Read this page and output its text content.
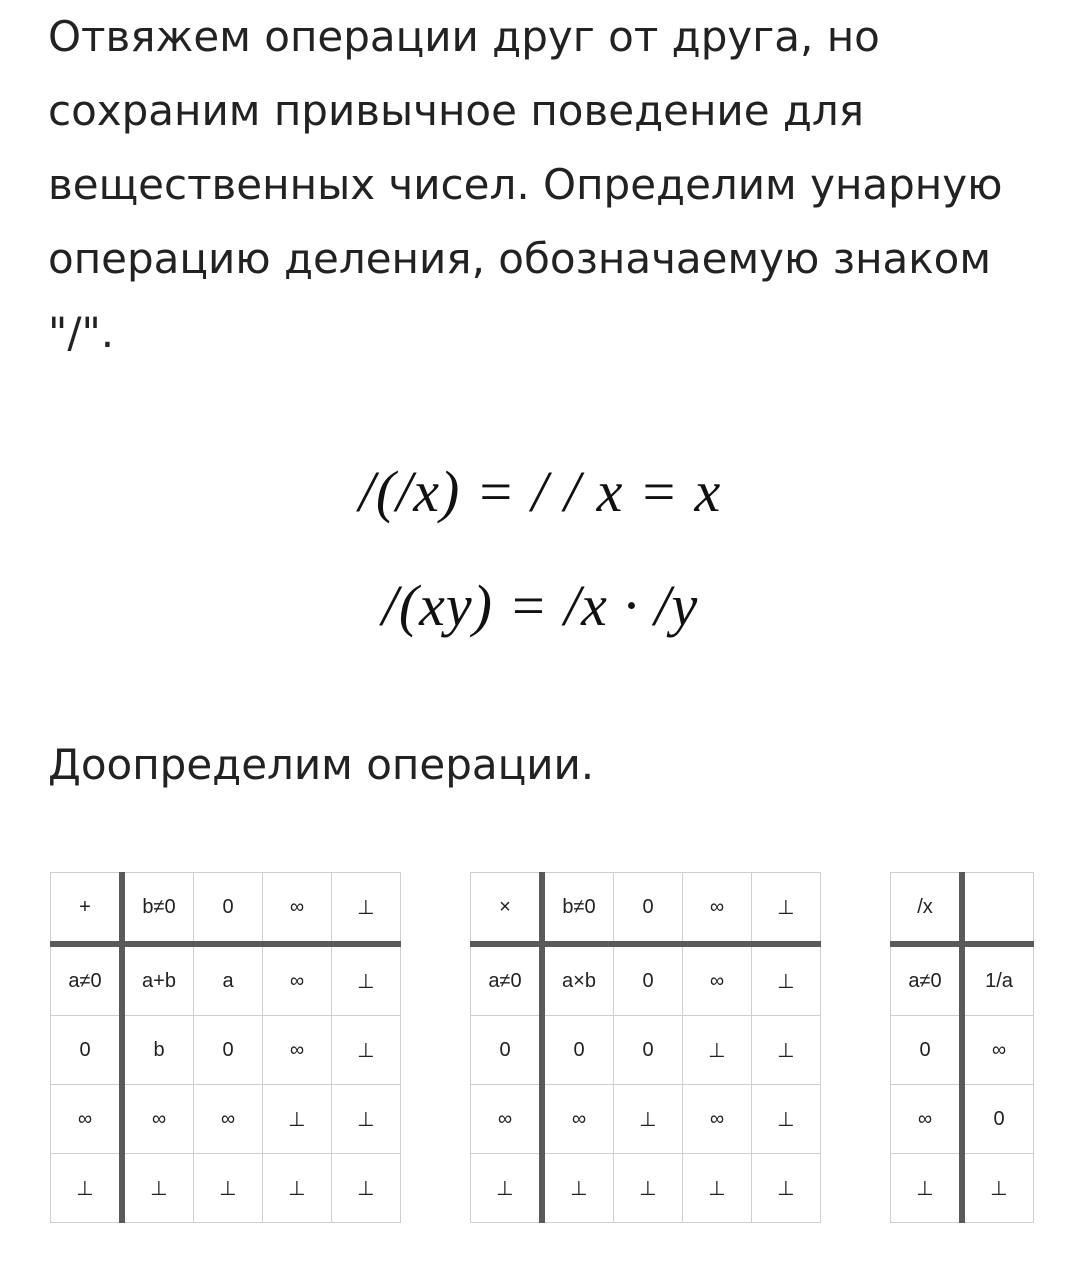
Отвяжем операции друг от друга, но сохраним привычное поведение для вещественных чисел. Определим унарную операцию деления, обозначаемую знаком "/".

/(/x) = / / x = x
/(xy) = /x · /y

Доопределим операции.

+	b≠0	0	∞	⊥
a≠0	a+b	a	∞	⊥
0	b	0	∞	⊥
∞	∞	∞	⊥	⊥
⊥	⊥	⊥	⊥	⊥
×	b≠0	0	∞	⊥
a≠0	a×b	0	∞	⊥
0	0	0	⊥	⊥
∞	∞	⊥	∞	⊥
⊥	⊥	⊥	⊥	⊥
/x	
a≠0	1/a
0	∞
∞	0
⊥	⊥
